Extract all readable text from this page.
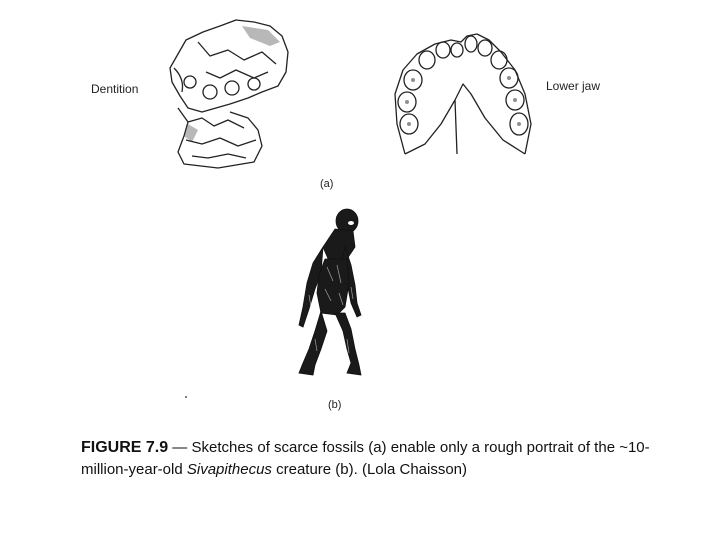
Dentition	Lower jaw
(a)
(b)
FIGURE 7.9 — Sketches of scarce fossils (a) enable only a rough portrait of the ~10-million-year-old Sivapithecus creature (b). (Lola Chaisson)
